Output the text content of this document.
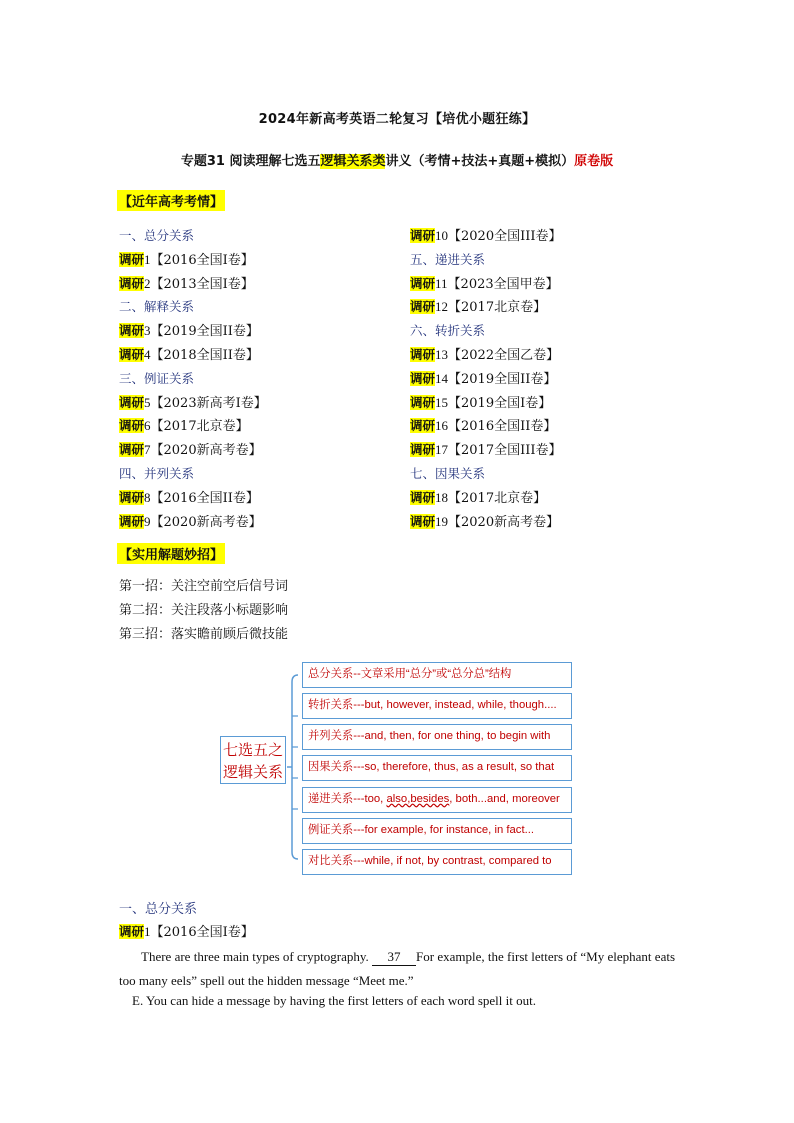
2024年新高考英语二轮复习【培优小题狂练】
专题31 阅读理解七选五逻辑关系类讲义（考情+技法+真题+模拟）原卷版
【近年高考考情】
一、总分关系
调研1【2016全国I卷】
调研2【2013全国I卷】
二、解释关系
调研3【2019全国II卷】
调研4【2018全国II卷】
三、例证关系
调研5【2023新高考I卷】
调研6【2017北京卷】
调研7【2020新高考卷】
四、并列关系
调研8【2016全国II卷】
调研9【2020新高考卷】
调研10【2020全国III卷】
五、递进关系
调研11【2023全国甲卷】
调研12【2017北京卷】
六、转折关系
调研13【2022全国乙卷】
调研14【2019全国II卷】
调研15【2019全国I卷】
调研16【2016全国II卷】
调研17【2017全国III卷】
七、因果关系
调研18【2017北京卷】
调研19【2020新高考卷】
【实用解题妙招】
第一招：关注空前空后信号词
第二招：关注段落小标题影响
第三招：落实瞻前顾后微技能
七选五之
逻辑关系
总分关系--文章采用“总分”或“总分总”结构
转折关系---but, however, instead, while, though....
并列关系---and, then, for one thing, to begin with
因果关系---so, therefore, thus, as a result, so that
递进关系---too, also,besides, both...and, moreover
例证关系---for example, for instance, in fact...
对比关系---while, if not, by contrast, compared to
一、总分关系
调研1【2016全国I卷】
There are three main types of cryptography. 37 For example, the first letters of “My elephant eats too many eels” spell out the hidden message “Meet me.”
E. You can hide a message by having the first letters of each word spell it out.
